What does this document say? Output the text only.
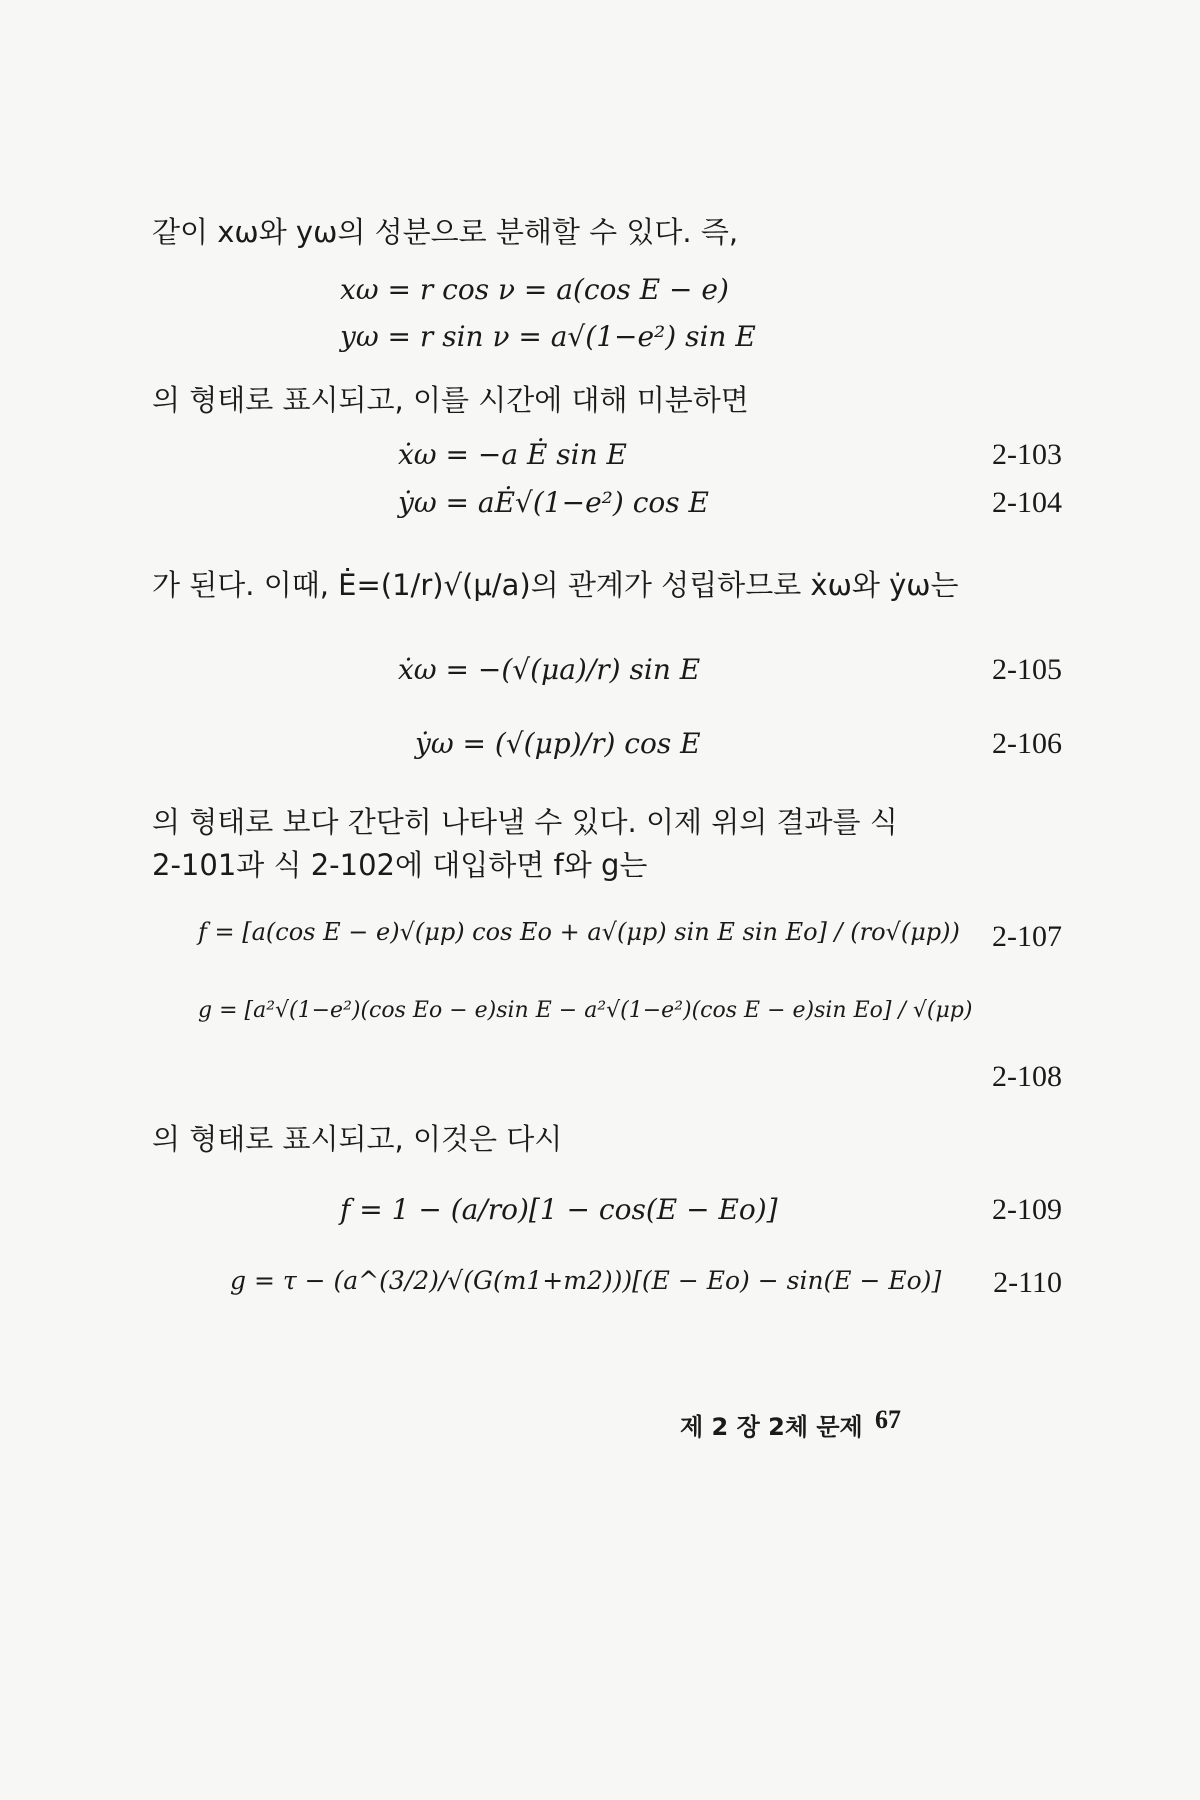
같이 xω와 yω의 성분으로 분해할 수 있다. 즉,
xω = r cos ν = a(cos E − e)
yω = r sin ν = a√(1−e²) sin E
의 형태로 표시되고, 이를 시간에 대해 미분하면
ẋω = −a Ė sin E	2-103
ẏω = aĖ√(1−e²) cos E	2-104
가 된다. 이때, Ė=(1/r)√(μ/a)의 관계가 성립하므로 ẋω와 ẏω는
ẋω = −(√(μa)/r) sin E	2-105
ẏω = (√(μp)/r) cos E	2-106
의 형태로 보다 간단히 나타낼 수 있다. 이제 위의 결과를 식
2-101과 식 2-102에 대입하면 f와 g는
f = [a(cos E − e)√(μp) cos Eo + a√(μp) sin E sin Eo] / (ro√(μp)) 2-107
g = [a²√(1−e²)(cos Eo − e)sin E − a²√(1−e²)(cos E − e)sin Eo] / √(μp)
2-108
의 형태로 표시되고, 이것은 다시
f = 1 − (a/ro)[1 − cos(E − Eo)]	2-109
g = τ − (a^(3/2)/√(G(m1+m2)))[(E − Eo) − sin(E − Eo)] 2-110
제 2 장 2체 문제 67
